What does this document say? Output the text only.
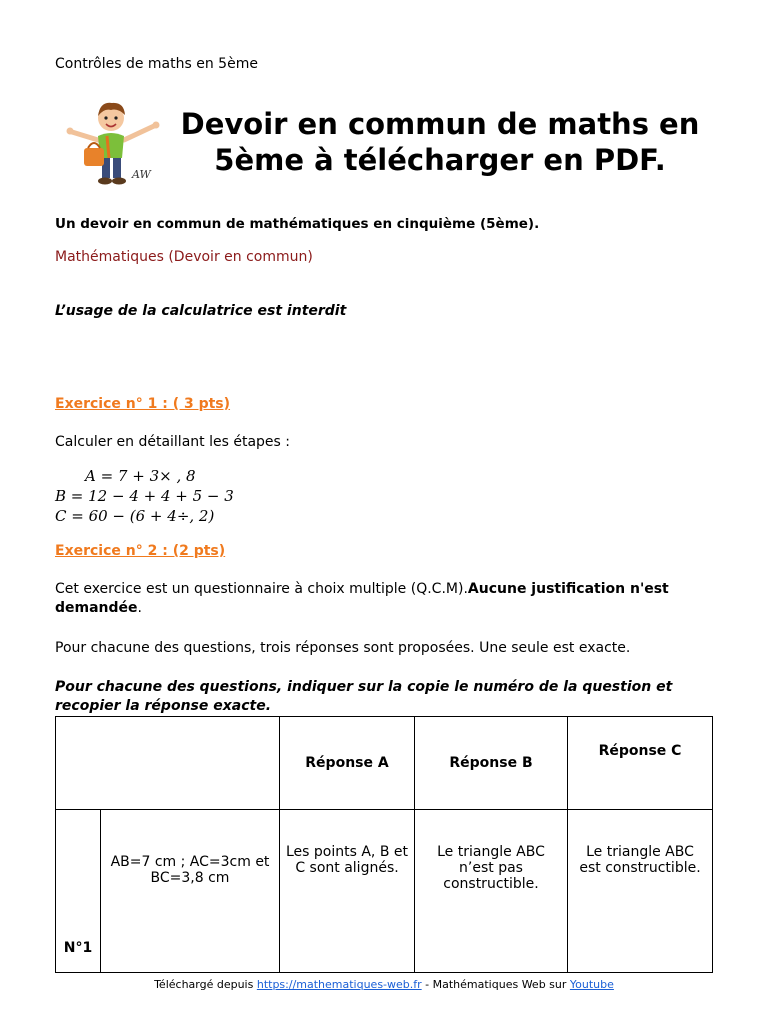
Contrôles de maths en 5ème
AW
Devoir en commun de maths en
5ème à télécharger en PDF.
Un devoir en commun de mathématiques en cinquième (5ème).
Mathématiques (Devoir en commun)
L’usage de la calculatrice est interdit
Exercice n° 1 : ( 3 pts)
Calculer en détaillant les étapes :
A = 7 + 3× , 8
B = 12 − 4 + 4 + 5 − 3
C = 60 − (6 + 4÷, 2)
Exercice n° 2 : (2 pts)
Cet exercice est un questionnaire à choix multiple (Q.C.M).Aucune justification n'est demandée.
Pour chacune des questions, trois réponses sont proposées. Une seule est exacte.
Pour chacune des questions, indiquer sur la copie le numéro de la question et recopier la réponse exacte.
		Réponse A	Réponse B	Réponse C
N°1	AB=7 cm ; AC=3cm et BC=3,8 cm	Les points A, B et C sont alignés.	Le triangle ABC n’est pas constructible.	Le triangle ABC est constructible.
Téléchargé depuis https://mathematiques-web.fr - Mathématiques Web sur Youtube
